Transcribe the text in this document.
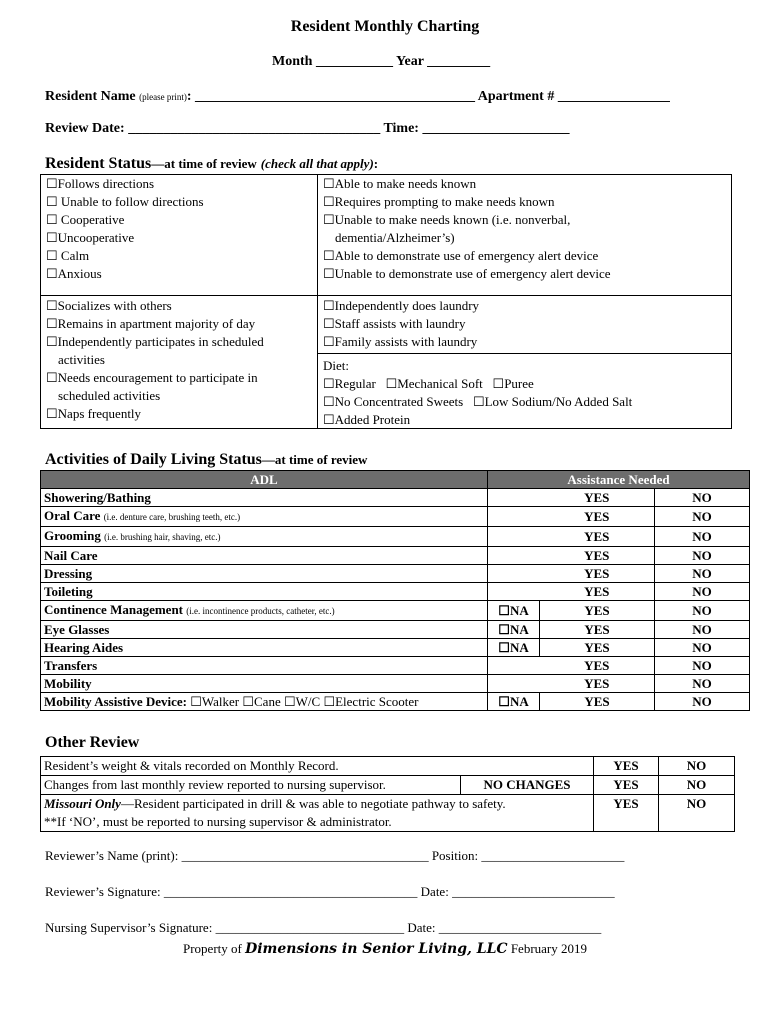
Resident Monthly Charting
Month ___________ Year _________
Resident Name (please print): ________________________________________ Apartment # ________________
Review Date: ____________________________________ Time: _____________________
Resident Status—at time of review (check all that apply):
☐Follows directions
☐ Unable to follow directions
☐ Cooperative
☐Uncooperative
☐ Calm
☐Anxious
☐Able to make needs known
☐Requires prompting to make needs known
☐Unable to make needs known (i.e. nonverbal,
dementia/Alzheimer’s)
☐Able to demonstrate use of emergency alert device
☐Unable to demonstrate use of emergency alert device
☐Socializes with others
☐Remains in apartment majority of day
☐Independently participates in scheduled
activities
☐Needs encouragement to participate in
scheduled activities
☐Naps frequently
☐Independently does laundry
☐Staff assists with laundry
☐Family assists with laundry
Diet:
☐Regular ☐Mechanical Soft ☐Puree
☐No Concentrated Sweets ☐Low Sodium/No Added Salt
☐Added Protein
Activities of Daily Living Status—at time of review
ADL	Assistance Needed		
Showering/Bathing		YES	NO
Oral Care (i.e. denture care, brushing teeth, etc.)		YES	NO
Grooming (i.e. brushing hair, shaving, etc.)		YES	NO
Nail Care		YES	NO
Dressing		YES	NO
Toileting		YES	NO
Continence Management (i.e. incontinence products, catheter, etc.)	☐NA	YES	NO
Eye Glasses	☐NA	YES	NO
Hearing Aides	☐NA	YES	NO
Transfers		YES	NO
Mobility		YES	NO
Mobility Assistive Device: ☐Walker ☐Cane ☐W/C ☐Electric Scooter	☐NA	YES	NO
Other Review
Resident’s weight & vitals recorded on Monthly Record.		YES	NO
Changes from last monthly review reported to nursing supervisor.	NO CHANGES	YES	NO

Missouri Only—Resident participated in drill & was able to negotiate pathway to safety.
**If ‘NO’, must be reported to nursing supervisor & administrator.		YES	NO
Reviewer’s Name (print): ______________________________________ Position: ______________________
Reviewer’s Signature: _______________________________________ Date: _________________________
Nursing Supervisor’s Signature: _____________________________ Date: _________________________
Property of Dimensions in Senior Living, LLC February 2019
